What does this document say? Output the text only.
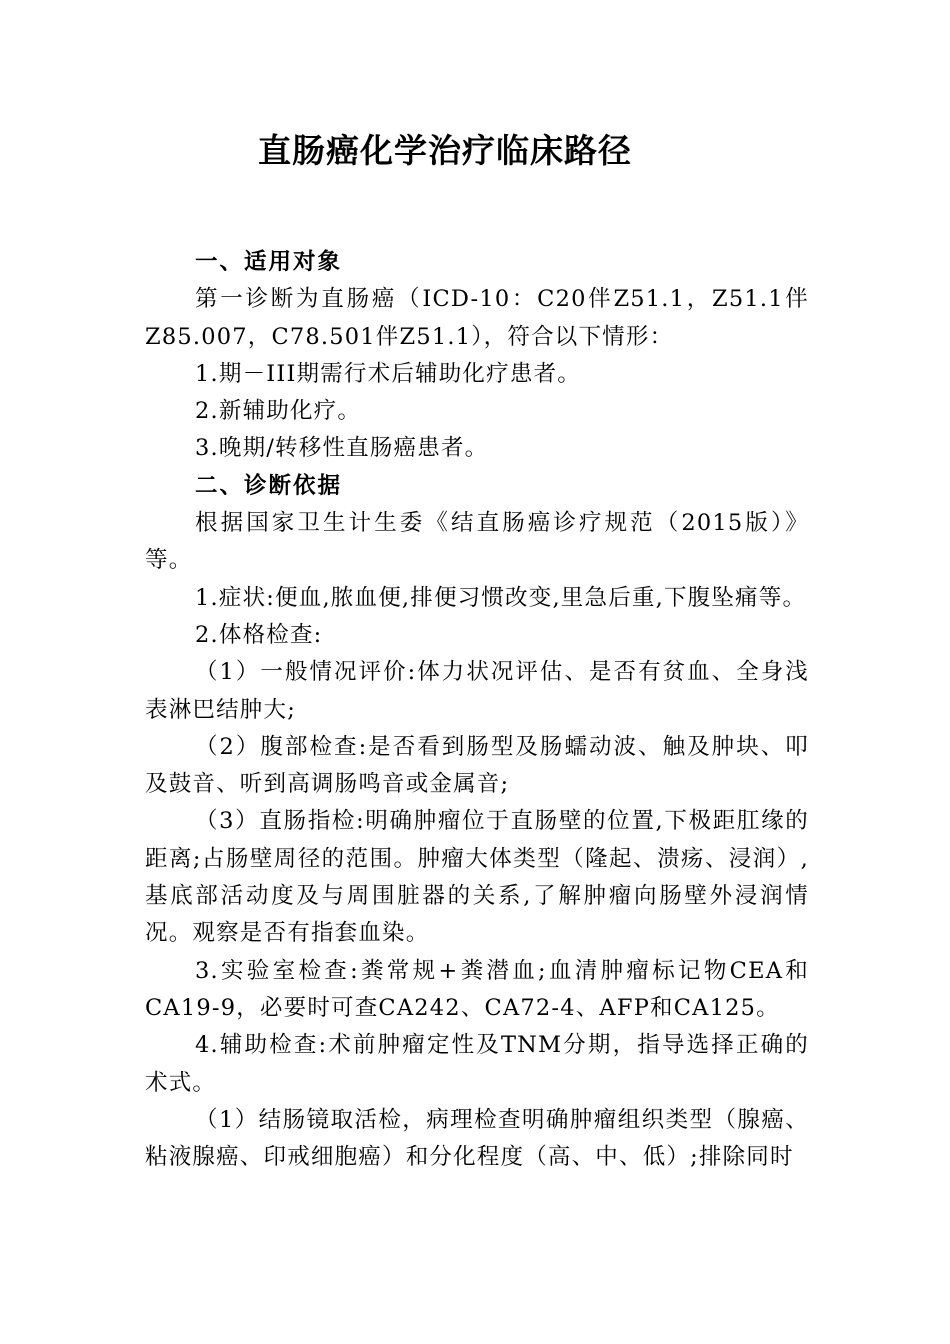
直肠癌化学治疗临床路径

一、适用对象

第一诊断为直肠癌（ICD-10：C20伴Z51.1，Z51.1伴Z85.007，C78.501伴Z51.1），符合以下情形：

1.期－III期需行术后辅助化疗患者。

2.新辅助化疗。

3.晚期/转移性直肠癌患者。

二、诊断依据

根据国家卫生计生委《结直肠癌诊疗规范（2015版）》等。

1.症状:便血,脓血便,排便习惯改变,里急后重,下腹坠痛等。

2.体格检查:

（1）一般情况评价:体力状况评估、是否有贫血、全身浅表淋巴结肿大;

（2）腹部检查:是否看到肠型及肠蠕动波、触及肿块、叩及鼓音、听到高调肠鸣音或金属音;

（3）直肠指检:明确肿瘤位于直肠壁的位置,下极距肛缘的距离;占肠壁周径的范围。肿瘤大体类型（隆起、溃疡、浸润）,基底部活动度及与周围脏器的关系,了解肿瘤向肠壁外浸润情况。观察是否有指套血染。

3.实验室检查:粪常规+粪潜血;血清肿瘤标记物CEA和CA19-9，必要时可查CA242、CA72-4、AFP和CA125。

4.辅助检查:术前肿瘤定性及TNM分期，指导选择正确的术式。

（1）结肠镜取活检，病理检查明确肿瘤组织类型（腺癌、粘液腺癌、印戒细胞癌）和分化程度（高、中、低）;排除同时
